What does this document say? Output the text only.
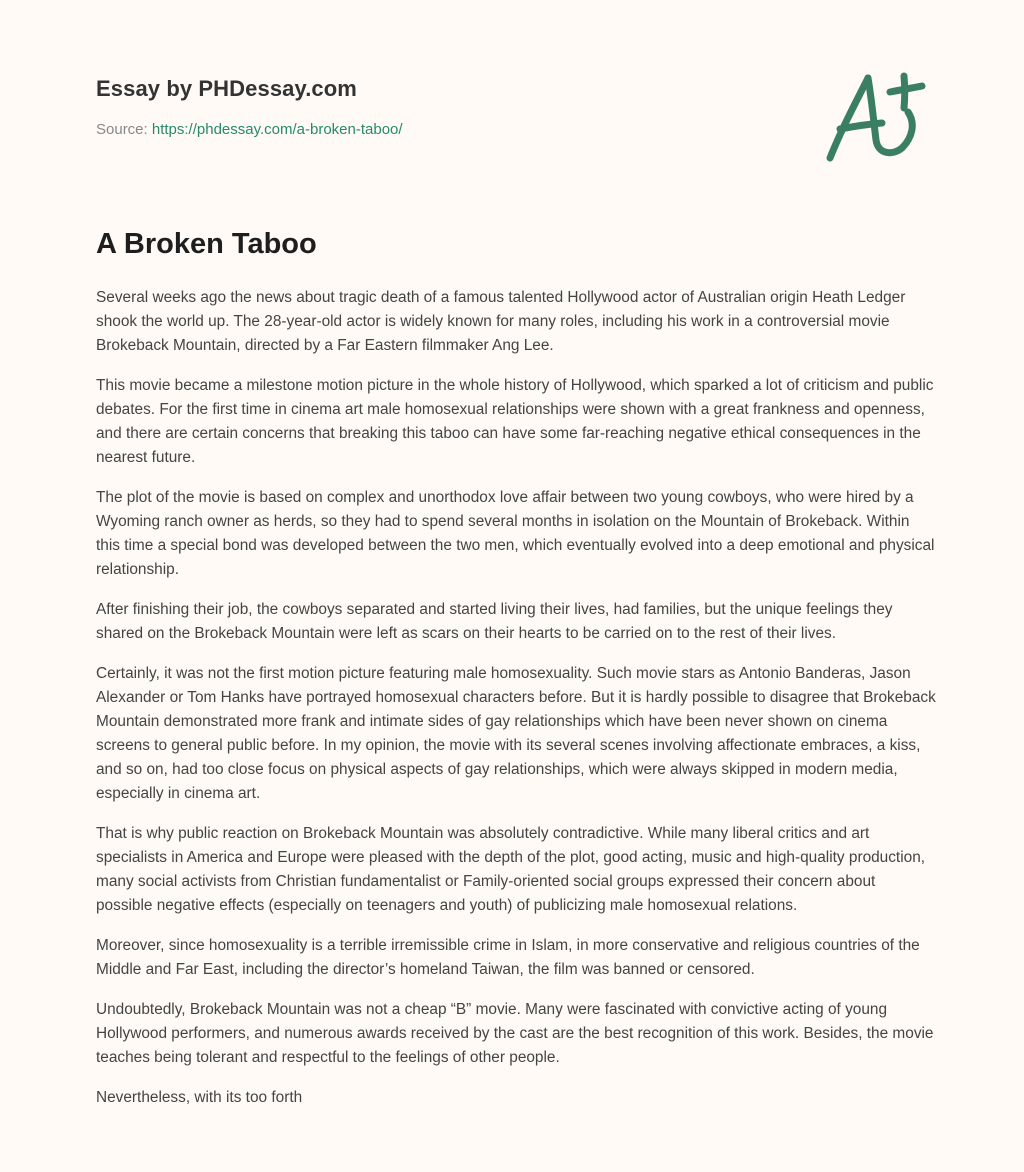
Essay by PHDessay.com
Source: https://phdessay.com/a-broken-taboo/
A Broken Taboo

Several weeks ago the news about tragic death of a famous talented Hollywood actor of Australian origin Heath Ledger shook the world up. The 28-year-old actor is widely known for many roles, including his work in a controversial movie Brokeback Mountain, directed by a Far Eastern filmmaker Ang Lee.

This movie became a milestone motion picture in the whole history of Hollywood, which sparked a lot of criticism and public debates. For the first time in cinema art male homosexual relationships were shown with a great frankness and openness, and there are certain concerns that breaking this taboo can have some far-reaching negative ethical consequences in the nearest future.

The plot of the movie is based on complex and unorthodox love affair between two young cowboys, who were hired by a Wyoming ranch owner as herds, so they had to spend several months in isolation on the Mountain of Brokeback. Within this time a special bond was developed between the two men, which eventually evolved into a deep emotional and physical relationship.

After finishing their job, the cowboys separated and started living their lives, had families, but the unique feelings they shared on the Brokeback Mountain were left as scars on their hearts to be carried on to the rest of their lives.

Certainly, it was not the first motion picture featuring male homosexuality. Such movie stars as Antonio Banderas, Jason Alexander or Tom Hanks have portrayed homosexual characters before. But it is hardly possible to disagree that Brokeback Mountain demonstrated more frank and intimate sides of gay relationships which have been never shown on cinema screens to general public before. In my opinion, the movie with its several scenes involving affectionate embraces, a kiss, and so on, had too close focus on physical aspects of gay relationships, which were always skipped in modern media, especially in cinema art.

That is why public reaction on Brokeback Mountain was absolutely contradictive. While many liberal critics and art specialists in America and Europe were pleased with the depth of the plot, good acting, music and high-quality production, many social activists from Christian fundamentalist or Family-oriented social groups expressed their concern about possible negative effects (especially on teenagers and youth) of publicizing male homosexual relations.

Moreover, since homosexuality is a terrible irremissible crime in Islam, in more conservative and religious countries of the Middle and Far East, including the director’s homeland Taiwan, the film was banned or censored.

Undoubtedly, Brokeback Mountain was not a cheap “B” movie. Many were fascinated with convictive acting of young Hollywood performers, and numerous awards received by the cast are the best recognition of this work. Besides, the movie teaches being tolerant and respectful to the feelings of other people.

Nevertheless, with its too forth
